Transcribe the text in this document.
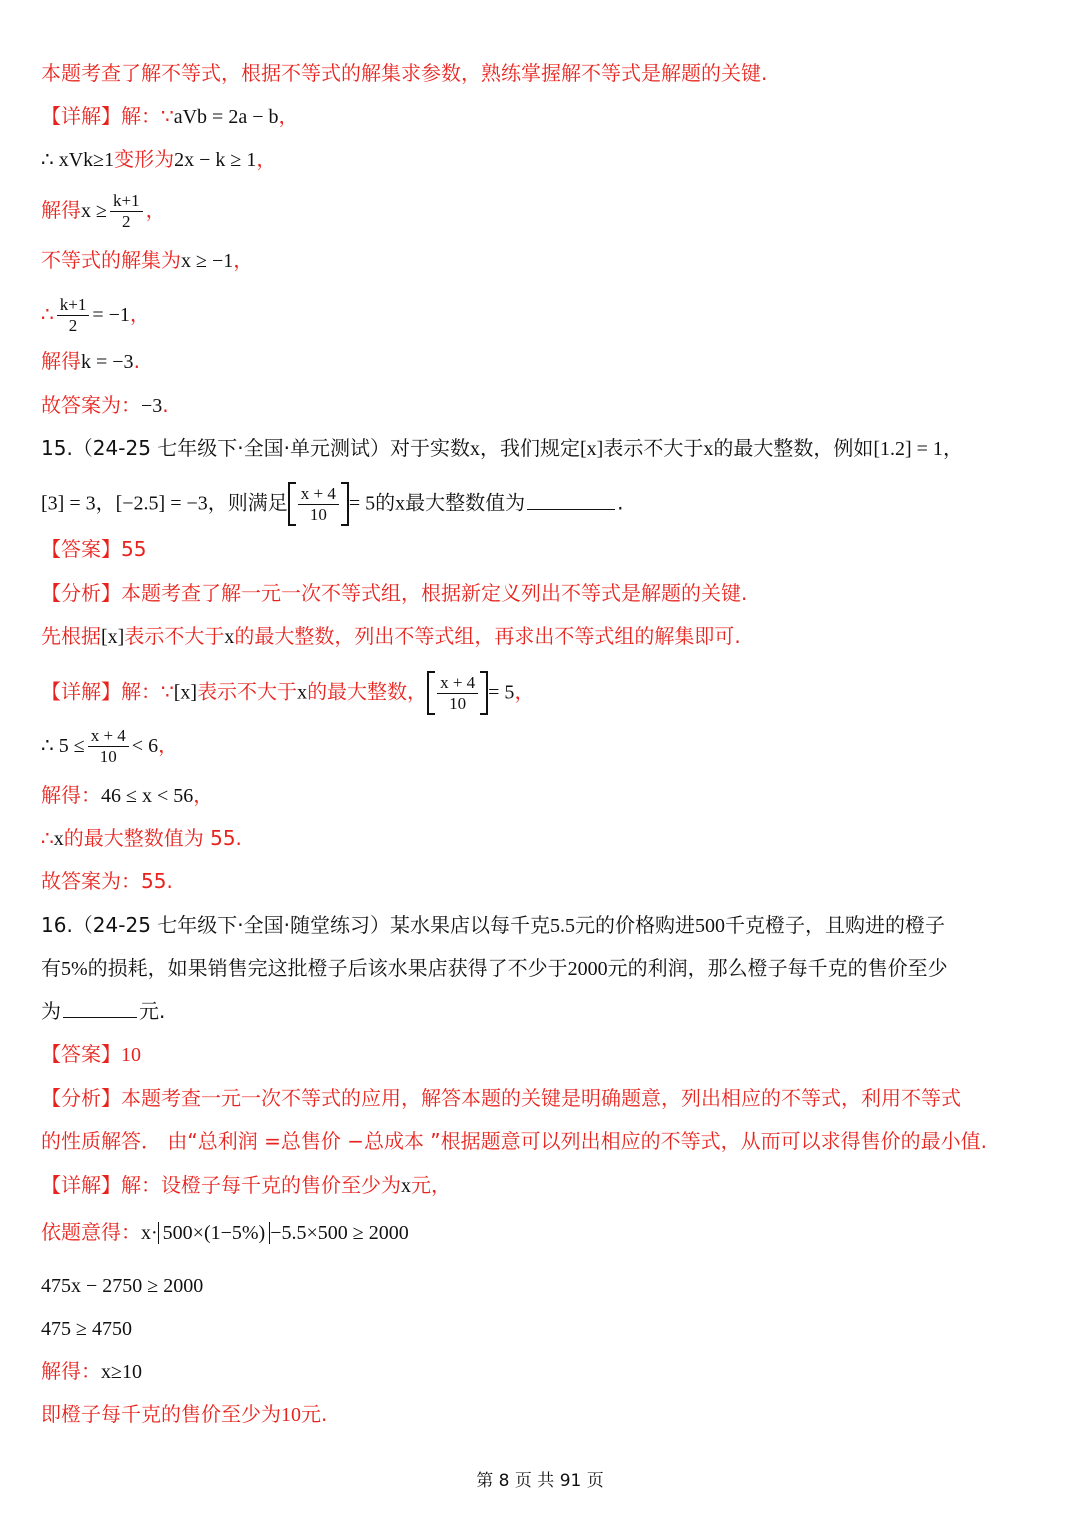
本题考查了解不等式，根据不等式的解集求参数，熟练掌握解不等式是解题的关键.
【详解】解：∵aVb = 2a − b，
∴ xVk≥1变形为2x − k ≥ 1，
解得$x \ge \frac{k+1}{2}$ ，
不等式的解集为x ≥ −1，
∴ $\frac{k+1}{2} = -1$，
解得k = −3.
故答案为：−3.
15.（24-25 七年级下·全国·单元测试）对于实数x，我们规定[x]表示不大于x的最大整数，例如[1.2] = 1，
[3] = 3，[−2.5] = −3，则满足 $\frac{x + 4}{10} = 5$的x最大整数值为	.
【答案】55
【分析】本题考查了解一元一次不等式组，根据新定义列出不等式是解题的关键.
先根据[x]表示不大于x的最大整数，列出不等式组，再求出不等式组的解集即可.
【详解】解：∵[x]表示不大于x的最大整数， $\frac{x + 4}{10} = 5$，
∴ $5 \le \frac{x + 4}{10} < 6$，
解得：46 ≤ x < 56，
∴x的最大整数值为 55.
故答案为：55.
16.（24-25 七年级下·全国·随堂练习）某水果店以每千克5.5元的价格购进500千克橙子，且购进的橙子
有5%的损耗，如果销售完这批橙子后该水果店获得了不少于2000元的利润，那么橙子每千克的售价至少
为	元.
【答案】10
【分析】本题考查一元一次不等式的应用，解答本题的关键是明确题意，列出相应的不等式，利用不等式
的性质解答． 由“总利润 =总售价 −总成本 ”根据题意可以列出相应的不等式，从而可以求得售价的最小值.
【详解】解：设橙子每千克的售价至少为x元，
依题意得：x· 500×(1−5%) −5.5×500 ≥ 2000
475x − 2750 ≥ 2000
475 ≥ 4750
解得：x≥10
即橙子每千克的售价至少为10元.
第 8 页 共 91 页
